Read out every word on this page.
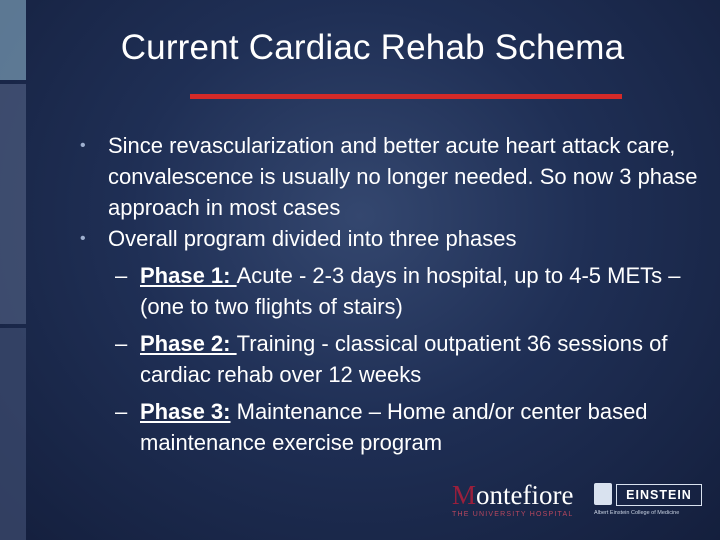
Current Cardiac Rehab Schema
• Since revascularization and better acute heart attack care, convalescence is usually no longer needed. So now 3 phase approach in most cases
• Overall program divided into three phases
– Phase 1: Acute - 2-3 days in hospital, up to 4-5 METs – (one to two flights of stairs)
– Phase 2: Training - classical outpatient 36 sessions of cardiac rehab over 12 weeks
– Phase 3: Maintenance – Home and/or center based maintenance exercise program
Montefiore
THE UNIVERSITY HOSPITAL
EINSTEIN
Albert Einstein College of Medicine
